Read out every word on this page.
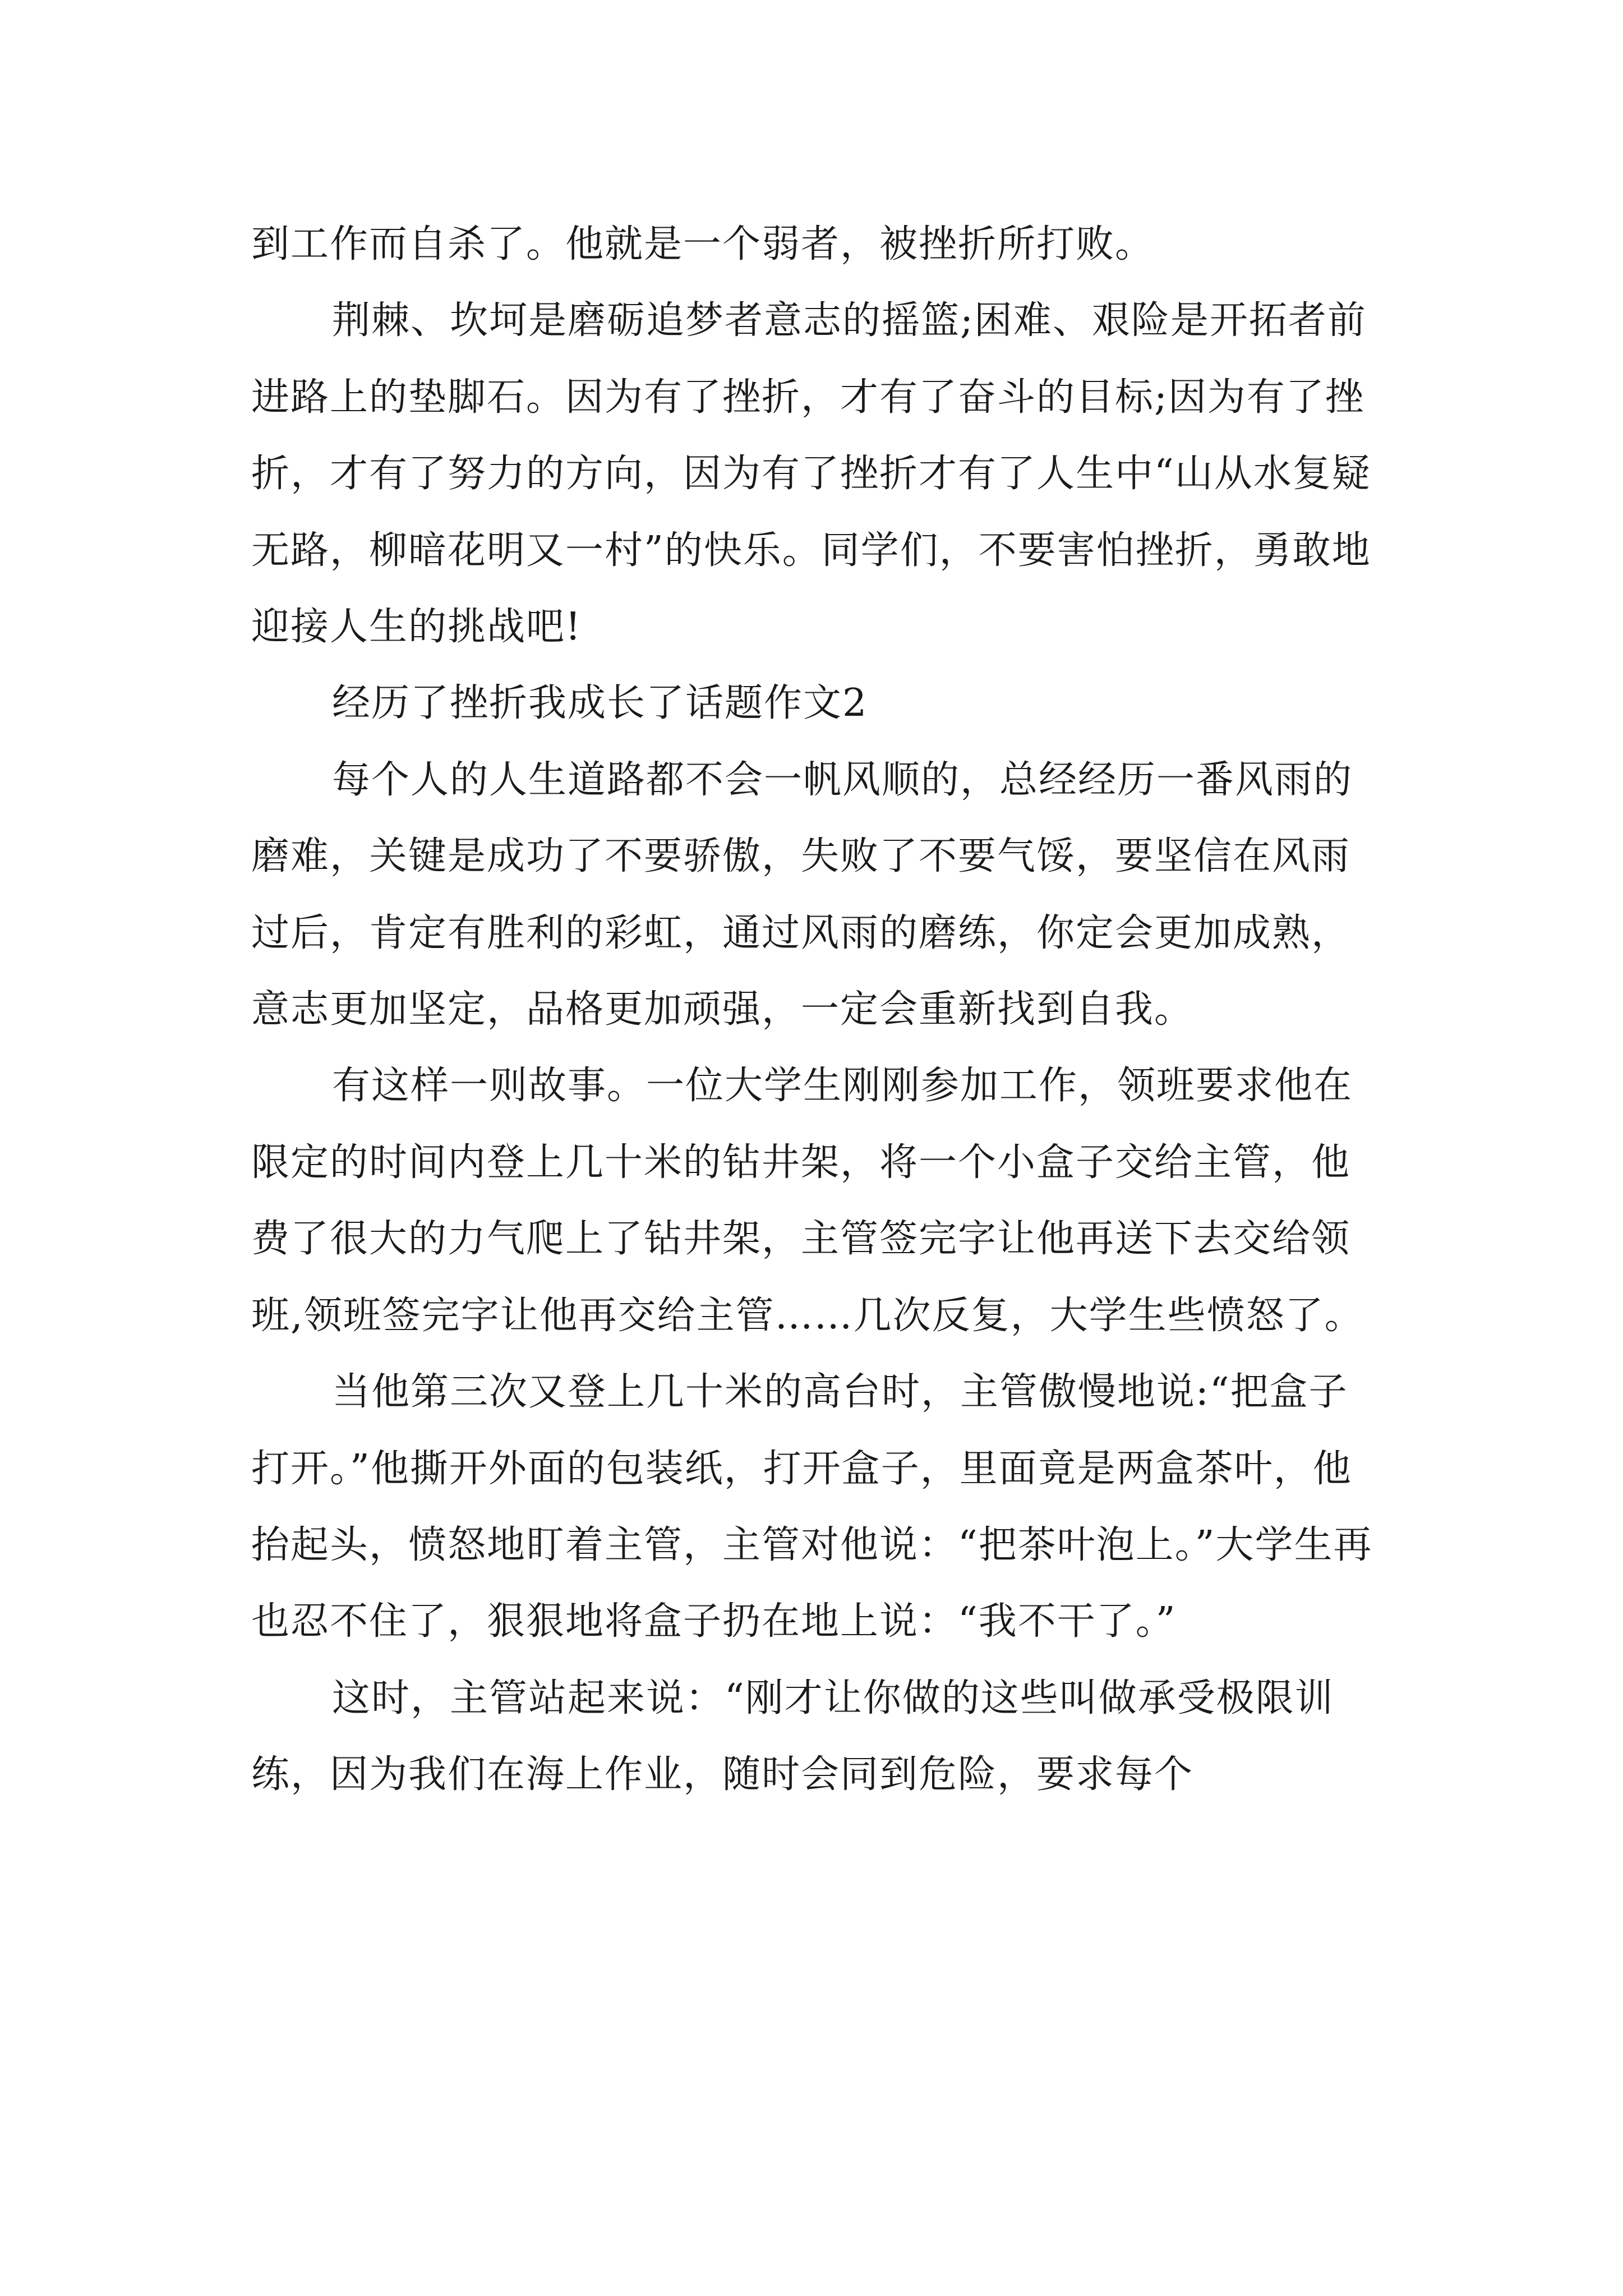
到工作而自杀了。他就是一个弱者，被挫折所打败。

荆棘、坎坷是磨砺追梦者意志的摇篮;困难、艰险是开拓者前进路上的垫脚石。因为有了挫折，才有了奋斗的目标;因为有了挫折，才有了努力的方向，因为有了挫折才有了人生中“山从水复疑无路，柳暗花明又一村”的快乐。同学们，不要害怕挫折，勇敢地迎接人生的挑战吧!

经历了挫折我成长了话题作文2

每个人的人生道路都不会一帆风顺的，总经经历一番风雨的磨难，关键是成功了不要骄傲，失败了不要气馁，要坚信在风雨过后，肯定有胜利的彩虹，通过风雨的磨练，你定会更加成熟，意志更加坚定，品格更加顽强，一定会重新找到自我。

有这样一则故事。一位大学生刚刚参加工作，领班要求他在限定的时间内登上几十米的钻井架，将一个小盒子交给主管，他费了很大的力气爬上了钻井架，主管签完字让他再送下去交给领班,领班签完字让他再交给主管……几次反复，大学生些愤怒了。

当他第三次又登上几十米的高台时，主管傲慢地说:“把盒子打开。”他撕开外面的包装纸，打开盒子，里面竟是两盒茶叶，他抬起头，愤怒地盯着主管，主管对他说：“把茶叶泡上。”大学生再也忍不住了，狠狠地将盒子扔在地上说：“我不干了。”

这时，主管站起来说：“刚才让你做的这些叫做承受极限训练，因为我们在海上作业，随时会同到危险，要求每个
